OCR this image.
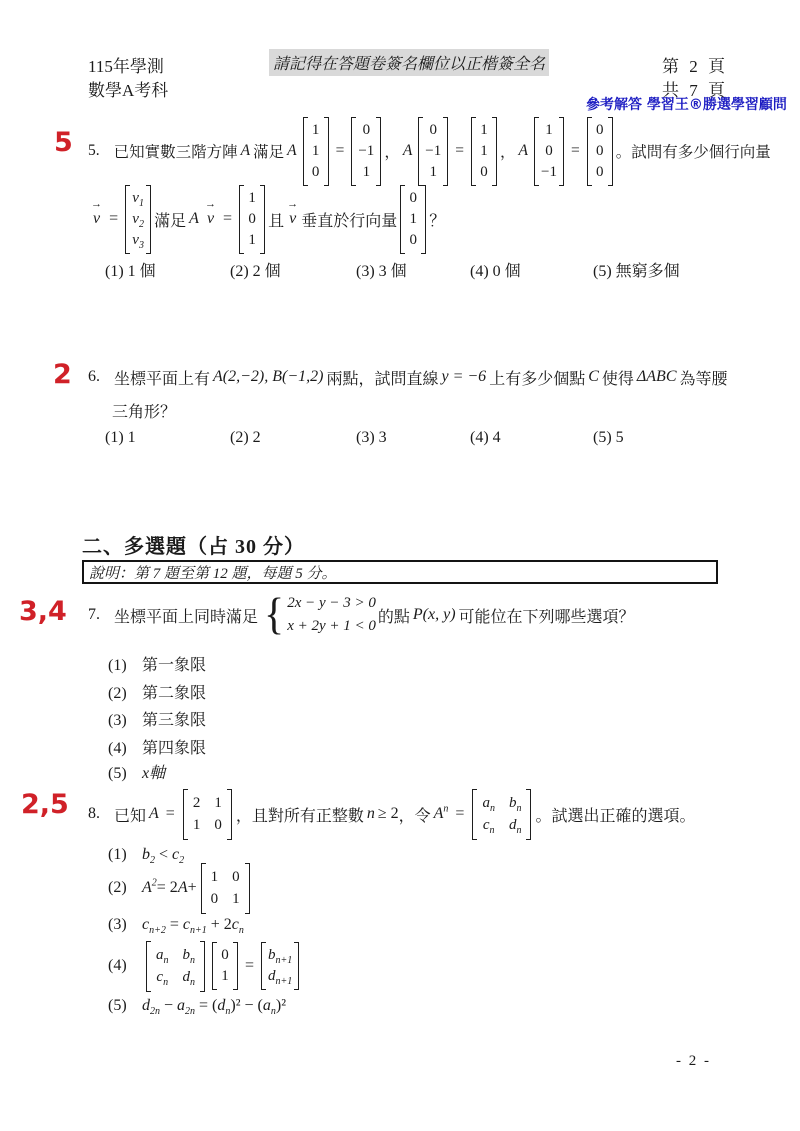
115年學測
數學A考科
請記得在答題卷簽名欄位以正楷簽全名	第 2 頁
共 7 頁
參考解答 學習王®勝選學習顧問
5 5. 已知實數三階方陣 A 滿足 A
1
1
0
=
0
−1
1
， A
0
−1
1
=
1
1
0
， A
1
0
−1
=
0
0
0
。試問有多少個行向量
→
v =
$v_1$
$v_2$
$v_3$
滿足 A
→
v =
1
0
1
且
→
v 垂直於行向量
0
1
0
？
(1) 1 個	(2) 2 個	(3) 3 個	(4) 0 個	(5) 無窮多個
2 6. 坐標平面上有 A(2,−2), B(−1,2) 兩點，試問直線 y = −6 上有多少個點 C 使得 ΔABC 為等腰
三角形？
(1) 1	(2) 2	(3) 3	(4) 4	(5) 5
二、多選題（占 30 分）
說明：第 7 題至第 12 題，每題 5 分。
3,4 7. 坐標平面上同時滿足 { 2x − y − 3 > 0
x + 2y + 1 < 0
的點 P(x, y) 可能位在下列哪些選項？
(1) 第一象限
(2) 第二象限
(3) 第三象限
(4) 第四象限
(5) x軸
2,5 8. 已知 A =
2 1
1 0 ，且對所有正整數 n ≥ 2 ，令 $A^n$ =
$a_n$ $b_n$
$c_n$ $d_n$
。試選出正確的選項。
(1) $b_2 < c_2$
(2) $A^2 = 2$ A +
1 0
0 1
(3) $c_{n+2} = c_{n+1} + 2c_n$
(4)
$a_n$ $b_n$
$c_n$ $d_n$
0
1
=
$b_{n+1}$
$d_{n+1}$
(5) $d_{2n} - a_{2n} = (d_n)^2 - (a_n)^2$
- 2 -
